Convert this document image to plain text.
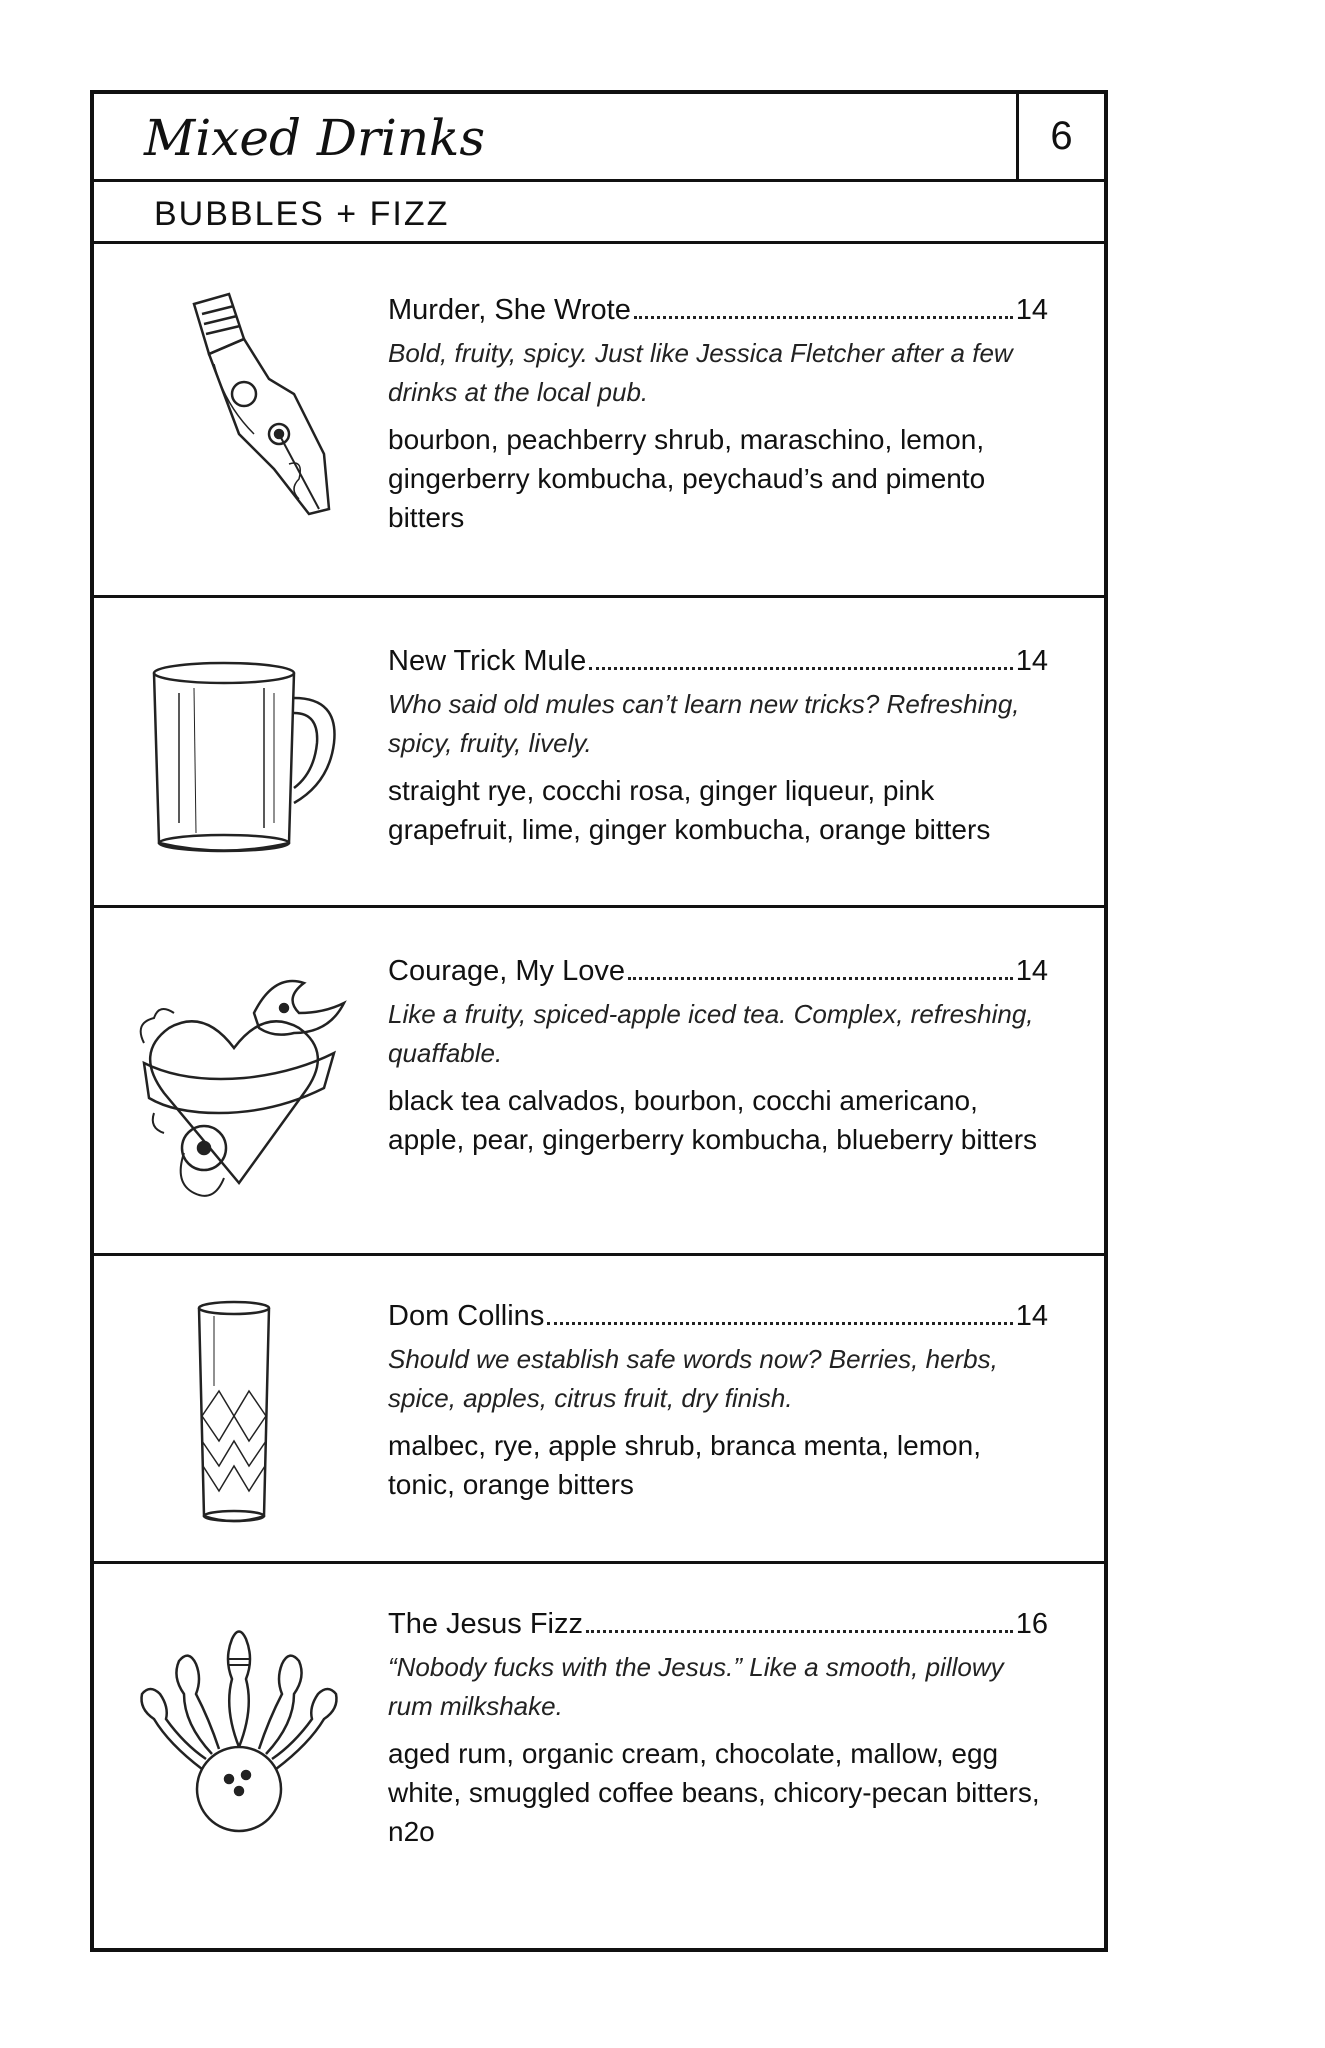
Mixed Drinks	6
BUBBLES + FIZZ
Murder, She Wrote	14
Bold, fruity, spicy. Just like Jessica Fletcher after a few drinks at the local pub.
bourbon, peachberry shrub, maraschino, lemon, gingerberry kombucha, peychaud’s and pimento bitters
New Trick Mule	14
Who said old mules can’t learn new tricks? Refreshing, spicy, fruity, lively.
straight rye, cocchi rosa, ginger liqueur, pink grapefruit, lime, ginger kombucha, orange bitters
Courage, My Love	14
Like a fruity, spiced-apple iced tea. Complex, refreshing, quaffable.
black tea calvados, bourbon, cocchi americano, apple, pear, gingerberry kombucha, blueberry bitters
Dom Collins	14
Should we establish safe words now? Berries, herbs, spice, apples, citrus fruit, dry finish.
malbec, rye, apple shrub, branca menta, lemon, tonic, orange bitters
The Jesus Fizz	16
“Nobody fucks with the Jesus.” Like a smooth, pillowy rum milkshake.
aged rum, organic cream, chocolate, mallow, egg white, smuggled coffee beans, chicory-pecan bitters, n2o
